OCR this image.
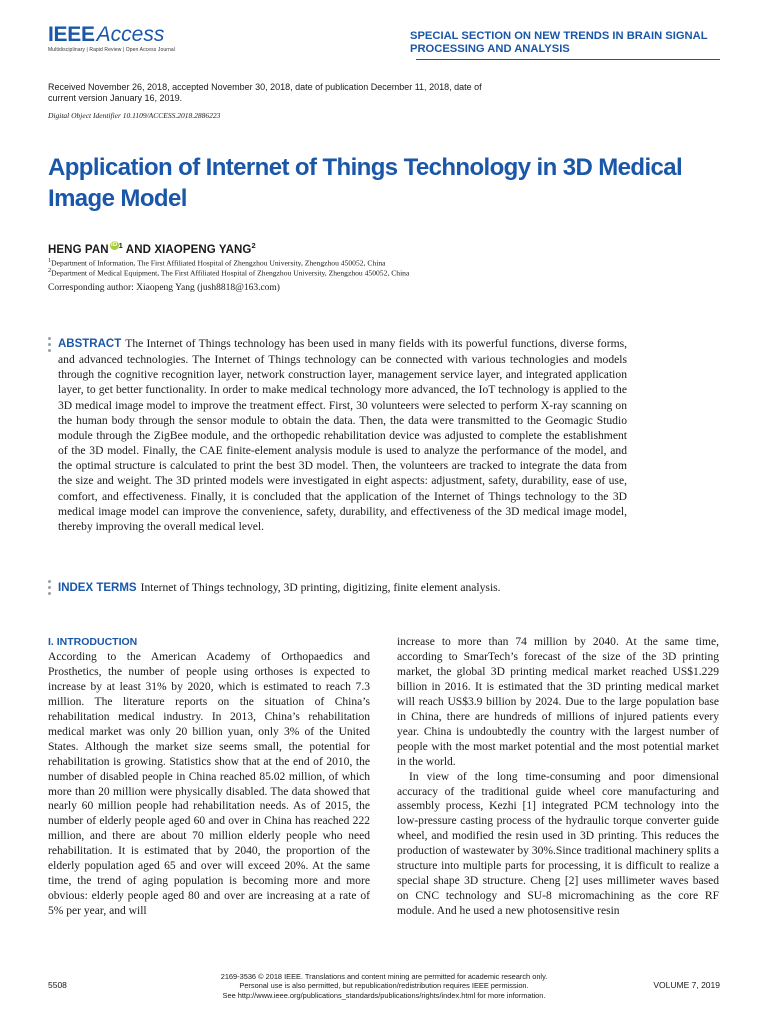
IEEEAccess
Multidisciplinary | Rapid Review | Open Access Journal
SPECIAL SECTION ON NEW TRENDS IN BRAIN SIGNAL PROCESSING AND ANALYSIS
Received November 26, 2018, accepted November 30, 2018, date of publication December 11, 2018, date of current version January 16, 2019.
Digital Object Identifier 10.1109/ACCESS.2018.2886223
Application of Internet of Things Technology in 3D Medical Image Model
HENG PAN $iD^1$ AND XIAOPENG YANG$^2$
$^1$Department of Information, The First Affiliated Hospital of Zhengzhou University, Zhengzhou 450052, China
$^2$Department of Medical Equipment, The First Affiliated Hospital of Zhengzhou University, Zhengzhou 450052, China
Corresponding author: Xiaopeng Yang (jush8818@163.com)
ABSTRACT The Internet of Things technology has been used in many fields with its powerful functions, diverse forms, and advanced technologies. The Internet of Things technology can be connected with various technologies and models through the cognitive recognition layer, network construction layer, management service layer, and integrated application layer, to get better functionality. In order to make medical technology more advanced, the IoT technology is applied to the 3D medical image model to improve the treatment effect. First, 30 volunteers were selected to perform X-ray scanning on the human body through the sensor module to obtain the data. Then, the data were transmitted to the Geomagic Studio module through the ZigBee module, and the orthopedic rehabilitation device was adjusted to complete the establishment of the 3D model. Finally, the CAE finite-element analysis module is used to analyze the performance of the model, and the optimal structure is calculated to print the best 3D model. Then, the volunteers are tracked to integrate the data from the size and weight. The 3D printed models were investigated in eight aspects: adjustment, safety, durability, ease of use, comfort, and effectiveness. Finally, it is concluded that the application of the Internet of Things technology to the 3D medical image model can improve the convenience, safety, durability, and effectiveness of the 3D medical image model, thereby improving the overall medical level.
INDEX TERMS Internet of Things technology, 3D printing, digitizing, finite element analysis.
I. INTRODUCTION

According to the American Academy of Orthopaedics and Prosthetics, the number of people using orthoses is expected to increase by at least 31% by 2020, which is estimated to reach 7.3 million. The literature reports on the situation of China’s rehabilitation medical industry. In 2013, China’s rehabilitation medical market was only 20 billion yuan, only 3% of the United States. Although the market size seems small, the potential for rehabilitation is growing. Statistics show that at the end of 2010, the number of disabled people in China reached 85.02 million, of which more than 20 million were physically disabled. The data showed that nearly 60 million people had rehabilitation needs. As of 2015, the number of elderly people aged 60 and over in China has reached 222 million, and there are about 70 million elderly people who need rehabilitation. It is estimated that by 2040, the proportion of the elderly population aged 65 and over will exceed 20%. At the same time, the trend of aging population is becoming more and more obvious: elderly people aged 80 and over are increasing at a rate of 5% per year, and will

increase to more than 74 million by 2040. At the same time, according to SmarTech’s forecast of the size of the 3D printing market, the global 3D printing medical market reached US$1.229 billion in 2016. It is estimated that the 3D printing medical market will reach US$3.9 billion by 2024. Due to the large population base in China, there are hundreds of millions of injured patients every year. China is undoubtedly the country with the largest number of people with the most market potential and the most potential market in the world.

In view of the long time-consuming and poor dimensional accuracy of the traditional guide wheel core manufacturing and assembly process, Kezhi [1] integrated PCM technology into the low-pressure casting process of the hydraulic torque converter guide wheel, and modified the resin used in 3D printing. This reduces the production of wastewater by 30%.Since traditional machinery splits a structure into multiple parts for processing, it is difficult to realize a special shape 3D structure. Cheng [2] uses millimeter waves based on CNC technology and SU-8 micromachining as the core RF module. And he used a new photosensitive resin

5508
2169-3536 © 2018 IEEE. Translations and content mining are permitted for academic research only.
Personal use is also permitted, but republication/redistribution requires IEEE permission.
See http://www.ieee.org/publications_standards/publications/rights/index.html for more information.
VOLUME 7, 2019
